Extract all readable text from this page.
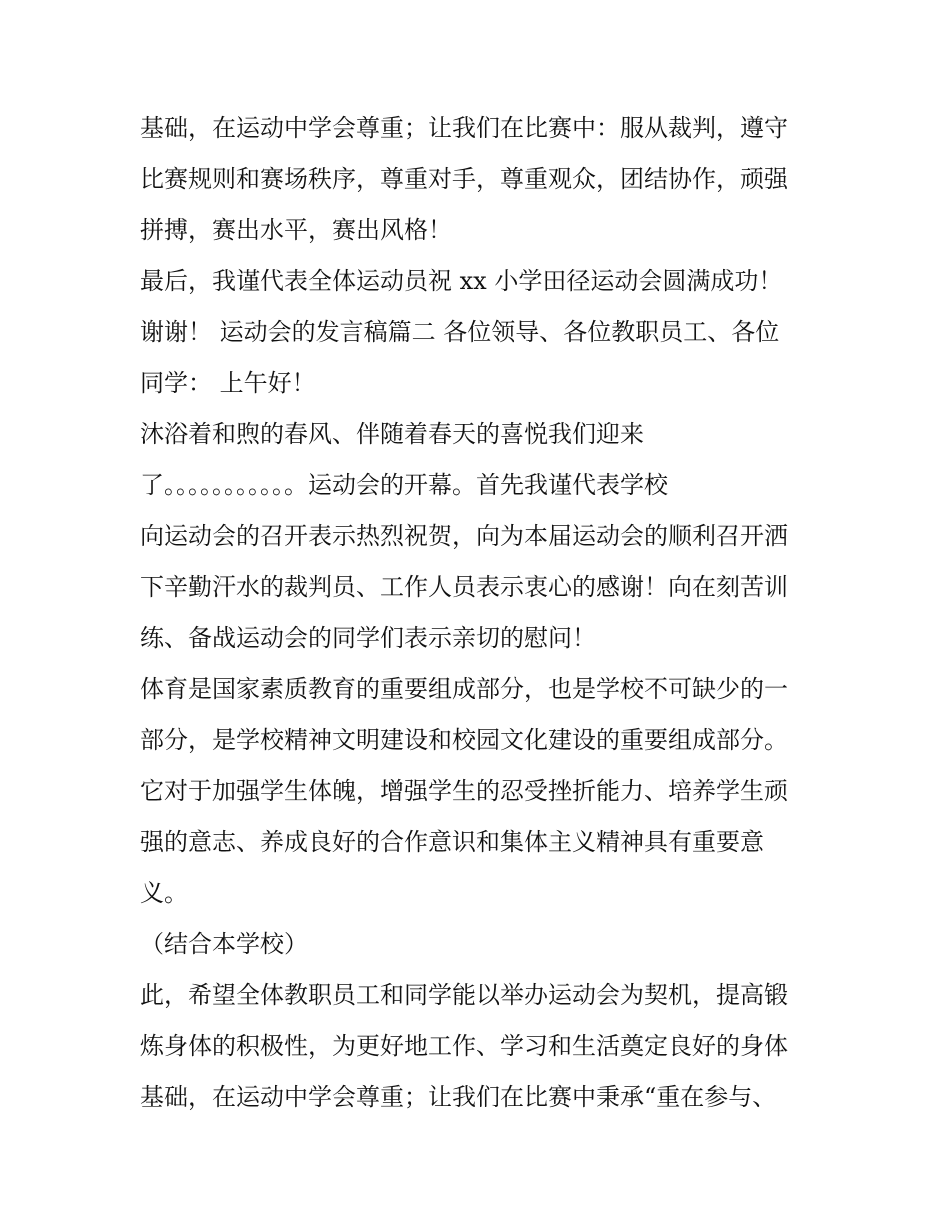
基础，在运动中学会尊重；让我们在比赛中：服从裁判，遵守
比赛规则和赛场秩序，尊重对手，尊重观众，团结协作，顽强
拼搏，赛出水平，赛出风格！
最后，我谨代表全体运动员祝 xx 小学田径运动会圆满成功！
谢谢！ 运动会的发言稿篇二 各位领导、各位教职员工、各位
同学： 上午好！
沐浴着和煦的春风、伴随着春天的喜悦我们迎来
了。。。。。。。。。。。运动会的开幕。首先我谨代表学校
向运动会的召开表示热烈祝贺，向为本届运动会的顺利召开洒
下辛勤汗水的裁判员、工作人员表示衷心的感谢！向在刻苦训
练、备战运动会的同学们表示亲切的慰问！
体育是国家素质教育的重要组成部分，也是学校不可缺少的一
部分，是学校精神文明建设和校园文化建设的重要组成部分。
它对于加强学生体魄，增强学生的忍受挫折能力、培养学生顽
强的意志、养成良好的合作意识和集体主义精神具有重要意
义。
（结合本学校）
此，希望全体教职员工和同学能以举办运动会为契机，提高锻
炼身体的积极性，为更好地工作、学习和生活奠定良好的身体
基础，在运动中学会尊重；让我们在比赛中秉承“重在参与、
